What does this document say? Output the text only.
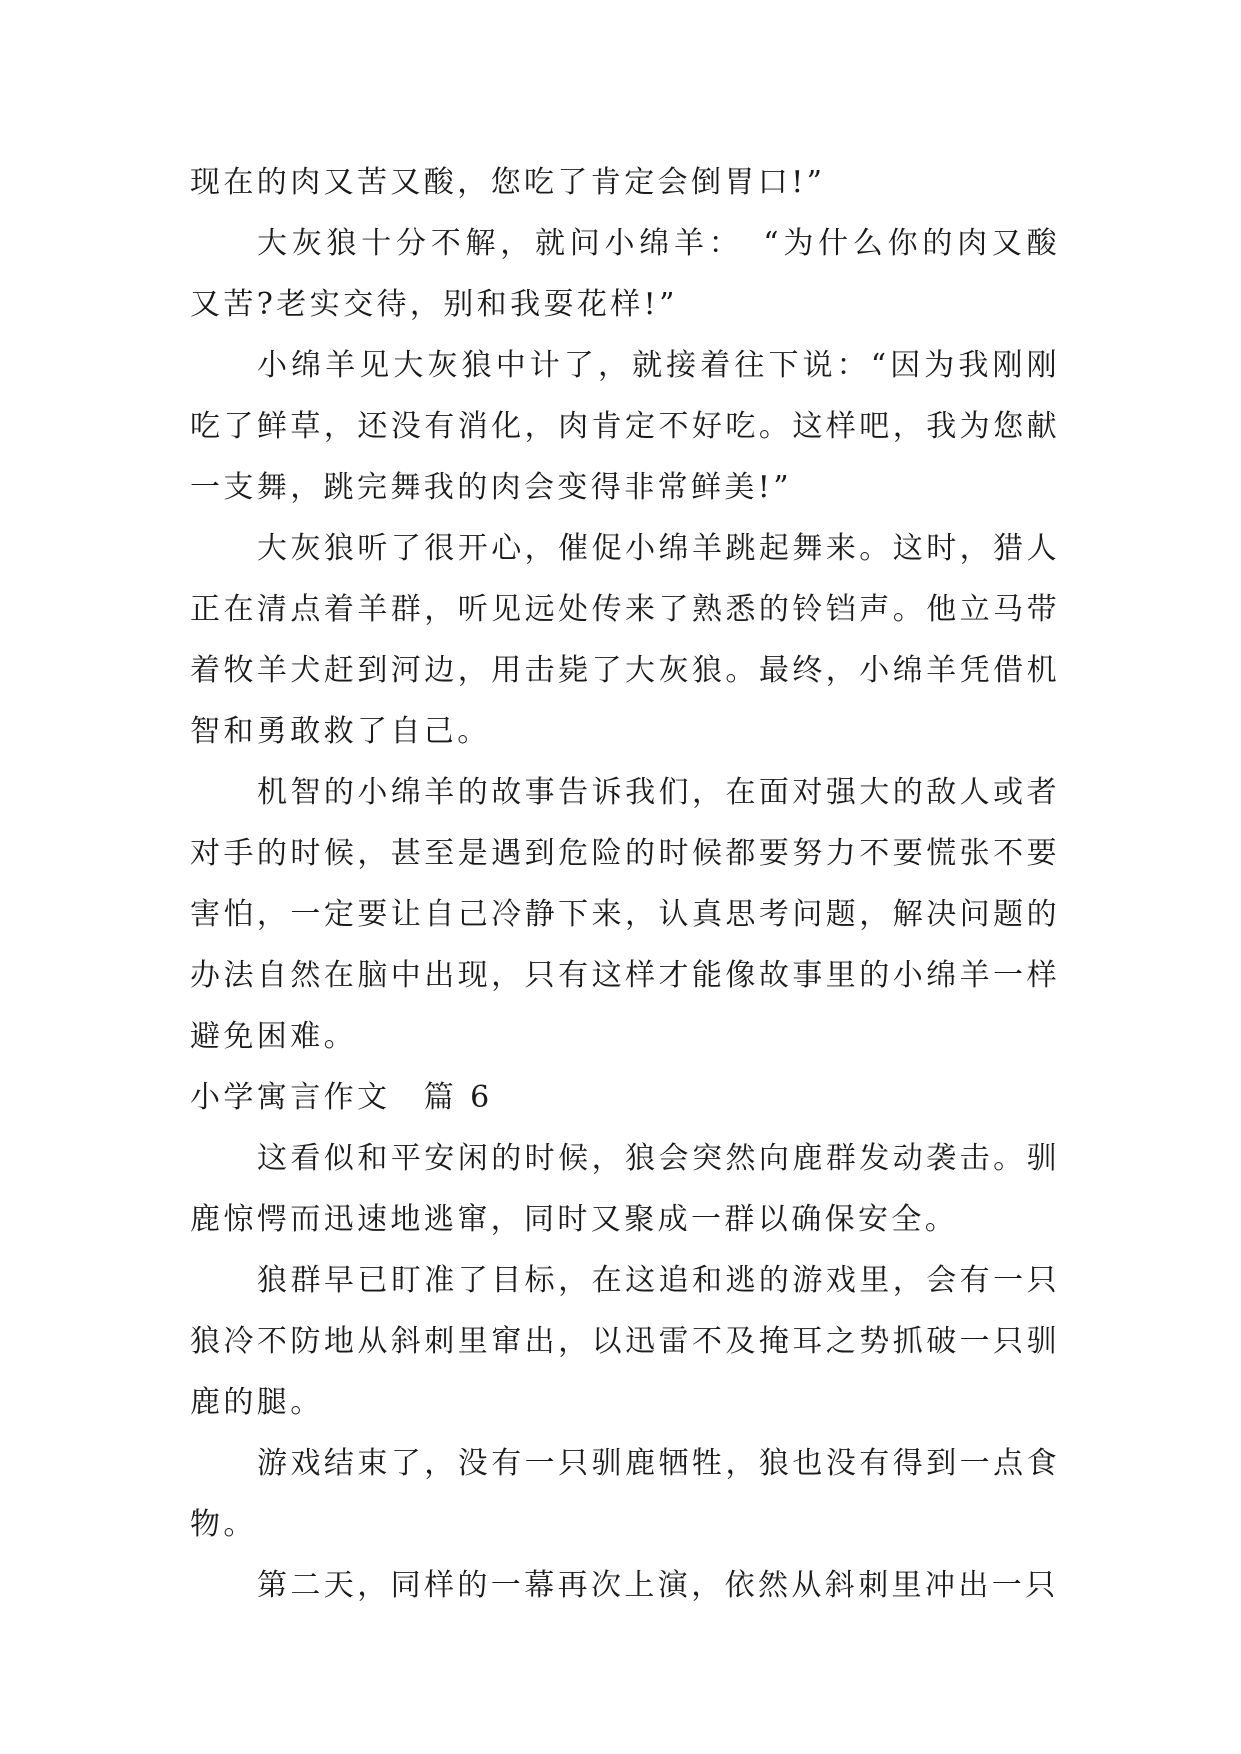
现在的肉又苦又酸，您吃了肯定会倒胃口!”

大灰狼十分不解，就问小绵羊：　“为什么你的肉又酸又苦?老实交待，别和我耍花样!”

小绵羊见大灰狼中计了，就接着往下说：“因为我刚刚吃了鲜草，还没有消化，肉肯定不好吃。这样吧，我为您献一支舞，跳完舞我的肉会变得非常鲜美!”

大灰狼听了很开心，催促小绵羊跳起舞来。这时，猎人正在清点着羊群，听见远处传来了熟悉的铃铛声。他立马带着牧羊犬赶到河边，用击毙了大灰狼。最终，小绵羊凭借机智和勇敢救了自己。

机智的小绵羊的故事告诉我们，在面对强大的敌人或者对手的时候，甚至是遇到危险的时候都要努力不要慌张不要害怕，一定要让自己冷静下来，认真思考问题，解决问题的办法自然在脑中出现，只有这样才能像故事里的小绵羊一样避免困难。

小学寓言作文　篇 6

这看似和平安闲的时候，狼会突然向鹿群发动袭击。驯鹿惊愕而迅速地逃窜，同时又聚成一群以确保安全。

狼群早已盯准了目标，在这追和逃的游戏里，会有一只狼冷不防地从斜刺里窜出，以迅雷不及掩耳之势抓破一只驯鹿的腿。

游戏结束了，没有一只驯鹿牺牲，狼也没有得到一点食物。

第二天，同样的一幕再次上演，依然从斜刺里冲出一只
